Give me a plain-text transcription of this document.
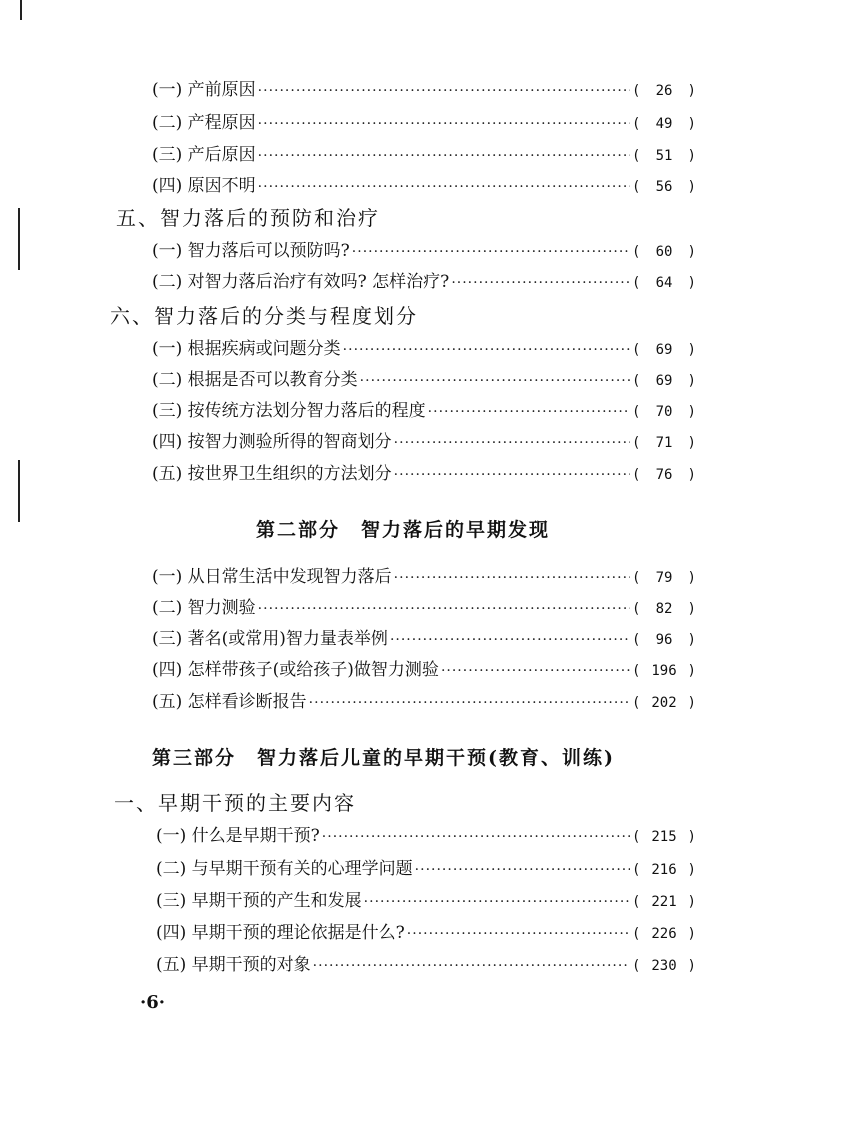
(一) 产前原因 ·····	( 26 )
(二) 产程原因 ·····	( 49 )
(三) 产后原因 ·····	( 51 )
(四) 原因不明 ·····	( 56 )
五、智力落后的预防和治疗
(一) 智力落后可以预防吗? ·····	( 60 )
(二) 对智力落后治疗有效吗? 怎样治疗? ·····	( 64 )
六、智力落后的分类与程度划分
(一) 根据疾病或问题分类 ·····	( 69 )
(二) 根据是否可以教育分类 ·····	( 69 )
(三) 按传统方法划分智力落后的程度 ·····	( 70 )
(四) 按智力测验所得的智商划分 ·····	( 71 )
(五) 按世界卫生组织的方法划分 ·····	( 76 )
第二部分　智力落后的早期发现
(一) 从日常生活中发现智力落后 ·····	( 79 )
(二) 智力测验 ·····	( 82 )
(三) 著名(或常用)智力量表举例 ·····	( 96 )
(四) 怎样带孩子(或给孩子)做智力测验 ·····	( 196 )
(五) 怎样看诊断报告 ·····	( 202 )
第三部分　智力落后儿童的早期干预(教育、训练)
一、早期干预的主要内容
(一) 什么是早期干预? ·····	( 215 )
(二) 与早期干预有关的心理学问题 ·····	( 216 )
(三) 早期干预的产生和发展 ·····	( 221 )
(四) 早期干预的理论依据是什么? ·····	( 226 )
(五) 早期干预的对象 ·····	( 230 )
·6·
